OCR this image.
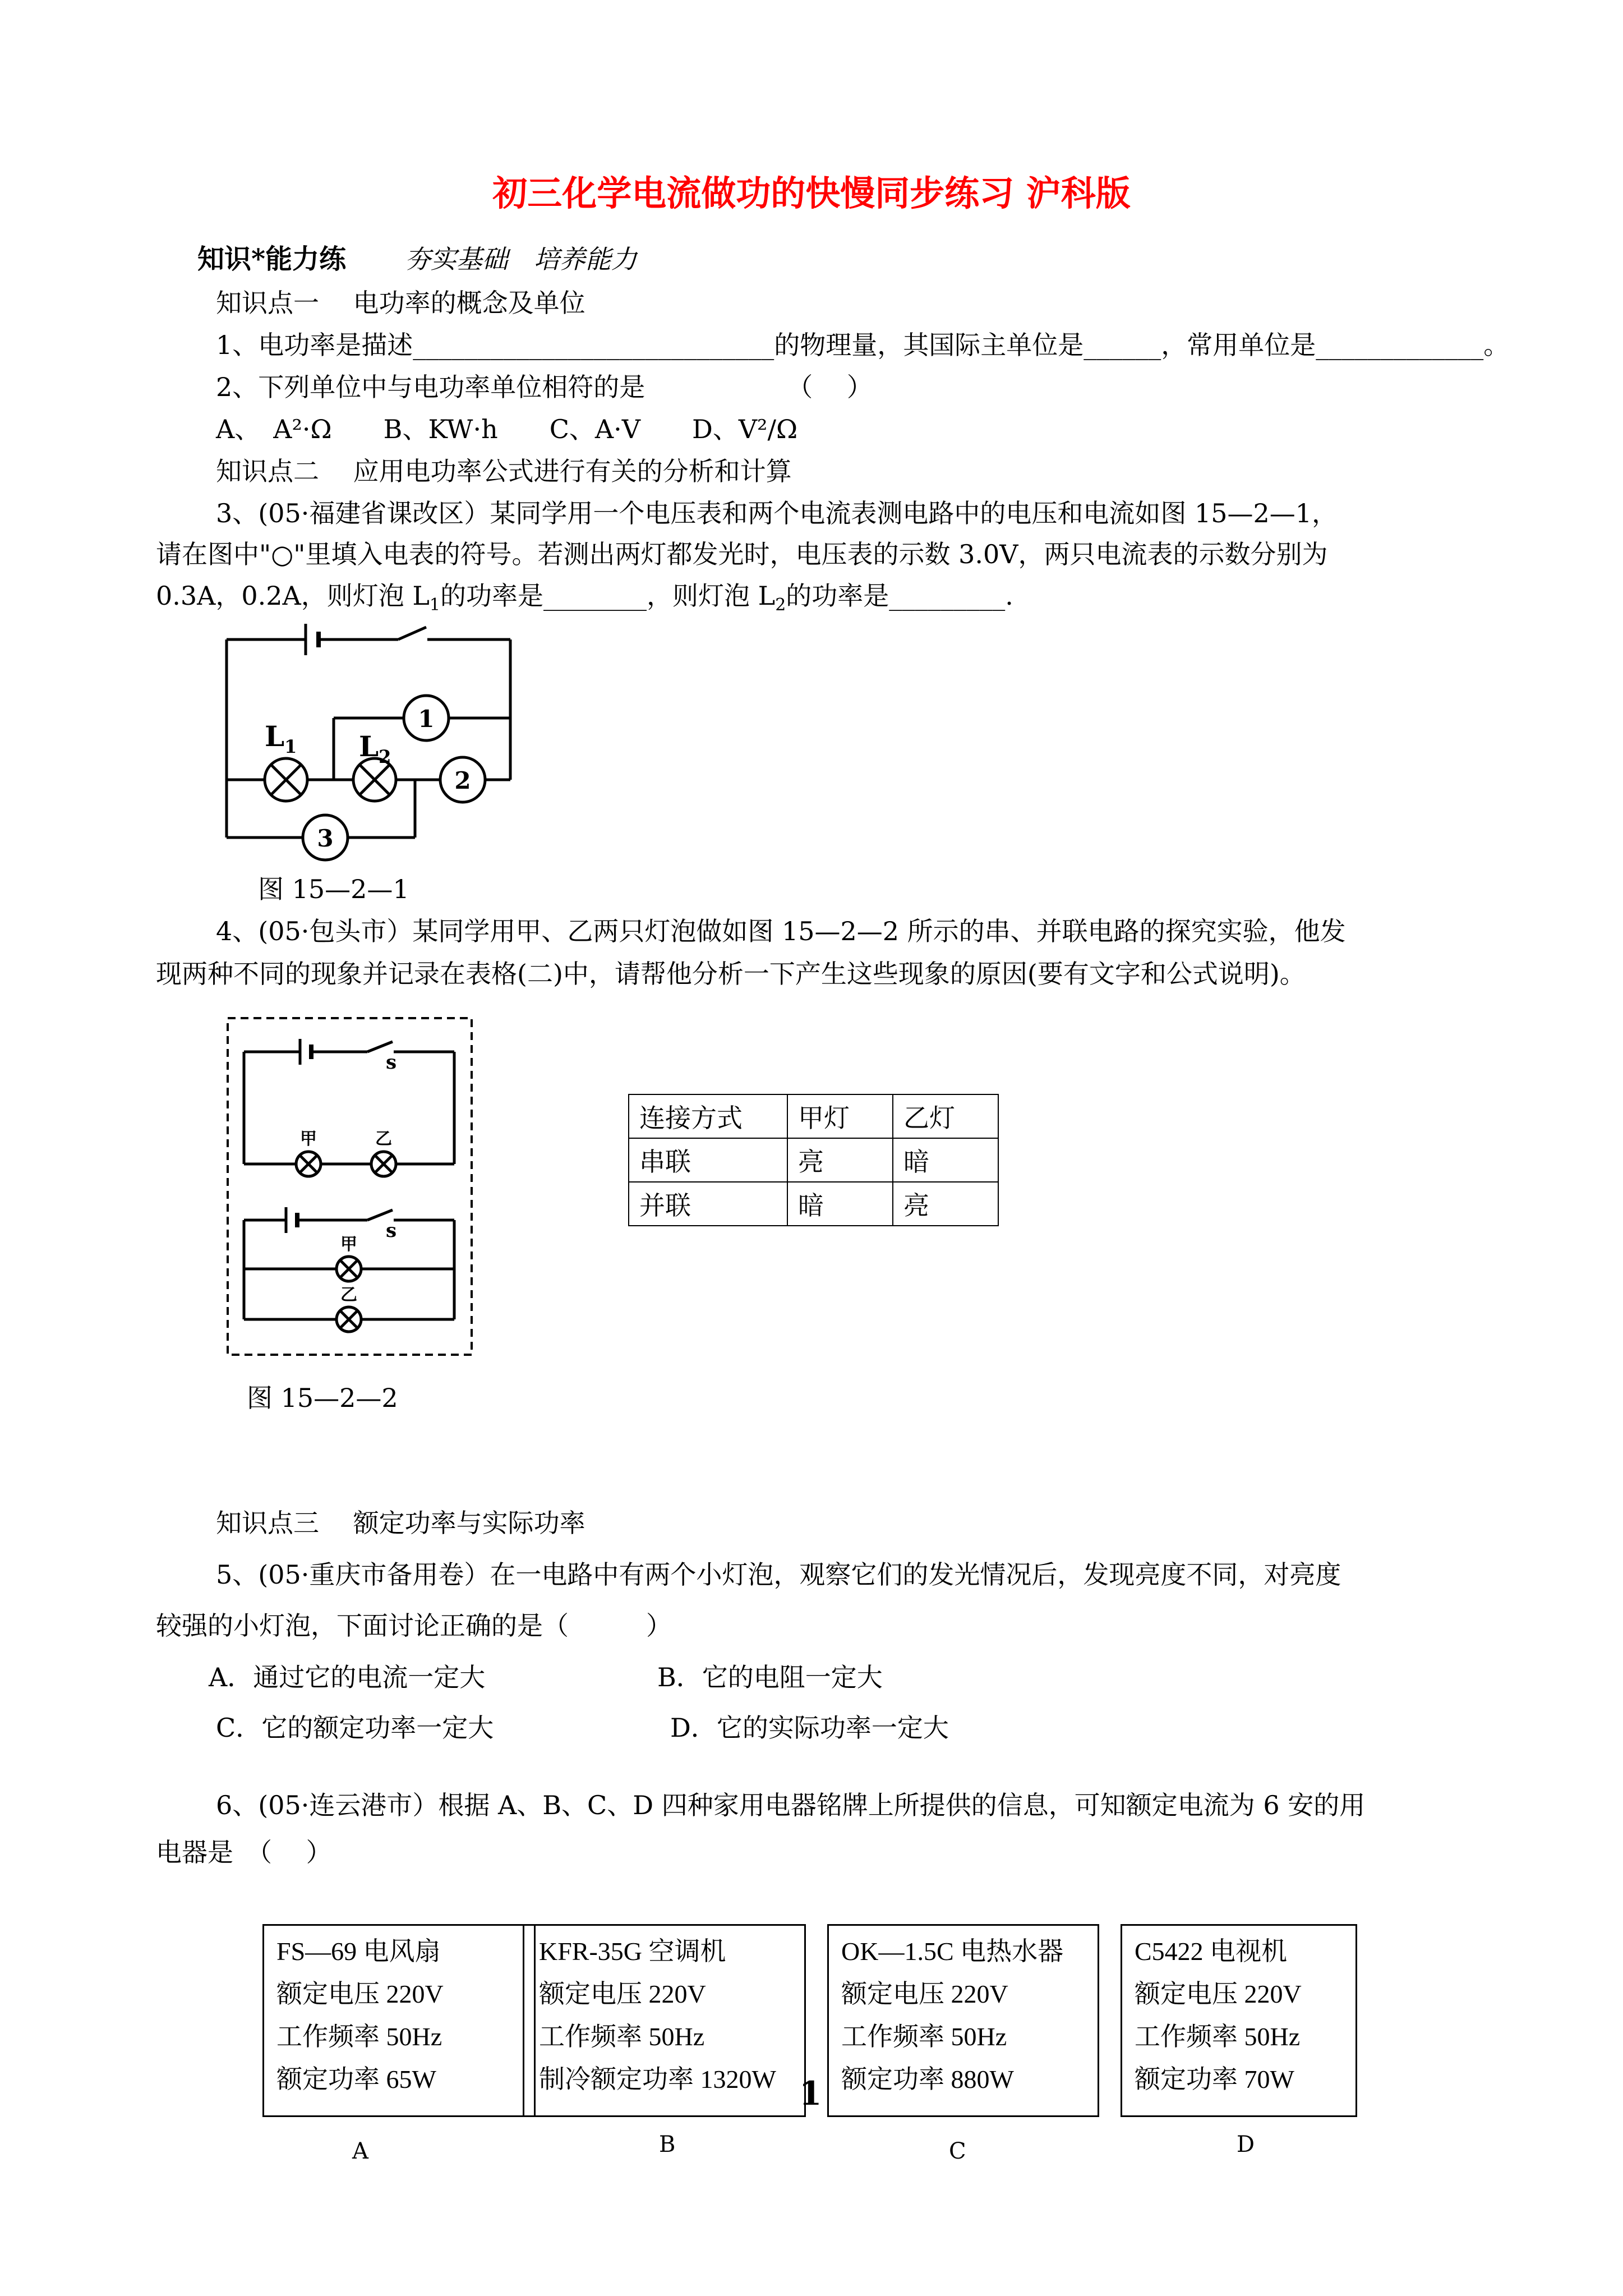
初三化学电流做功的快慢同步练习 沪科版
知识*能力练 夯实基础　培养能力
知识点一　 电功率的概念及单位
1、电功率是描述____________________________的物理量，其国际主单位是______，常用单位是_____________。
2、下列单位中与电功率单位相符的是　　　　　　（　 ）
A、　A²·Ω　　B、KW·h　　C、A·V　　D、V²/Ω
知识点二　 应用电功率公式进行有关的分析和计算
3、(05·福建省课改区）某同学用一个电压表和两个电流表测电路中的电压和电流如图 15—2—1，
请在图中"○"里填入电表的符号。若测出两灯都发光时，电压表的示数 3.0V，两只电流表的示数分别为
0.3A，0.2A，则灯泡 $L_1$的功率是________，则灯泡 $L_2$的功率是_________.
$L_1$ $L_2$
1
2
3
图 15—2—1
4、(05·包头市）某同学用甲、乙两只灯泡做如图 15—2—2 所示的串、并联电路的探究实验，他发
现两种不同的现象并记录在表格(二)中，请帮他分析一下产生这些现象的原因(要有文字和公式说明)。
s
s
甲	乙
甲
乙
图 15—2—2
连接方式	甲灯	乙灯
串联	亮	暗
并联	暗	亮
知识点三　 额定功率与实际功率
5、(05·重庆市备用卷）在一电路中有两个小灯泡，观察它们的发光情况后，发现亮度不同，对亮度
较强的小灯泡，下面讨论正确的是（　　　）
A．通过它的电流一定大	B．它的电阻一定大
C．它的额定功率一定大	D．它的实际功率一定大
6、(05·连云港市）根据 A、B、C、D 四种家用电器铭牌上所提供的信息，可知额定电流为 6 安的用
电器是　（　 ）
FS—69 电风扇
额定电压 220V
工作频率 50Hz
额定功率 65W
KFR-35G 空调机
额定电压 220V
工作频率 50Hz
制冷额定功率 1320W
OK—1.5C 电热水器
额定电压 220V
工作频率 50Hz
额定功率 880W
C5422 电视机
额定电压 220V
工作频率 50Hz
额定功率 70W
1
A	B	C	D
